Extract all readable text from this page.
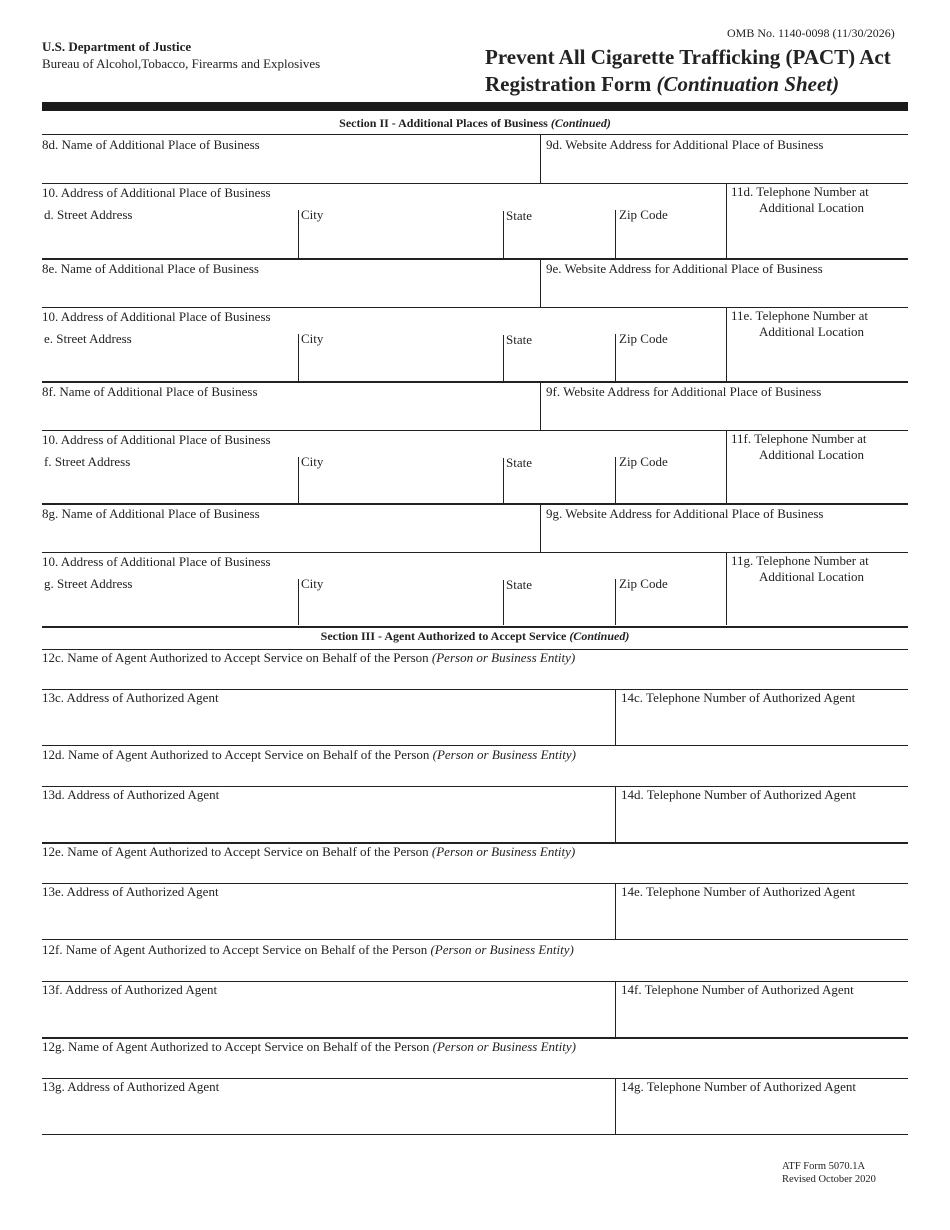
OMB No. 1140-0098 (11/30/2026)
U.S. Department of Justice
Bureau of Alcohol,Tobacco, Firearms and Explosives	Prevent All Cigarette Trafficking (PACT) Act
Registration Form (Continuation Sheet)
Section II - Additional Places of Business (Continued)
8d. Name of Additional Place of Business	9d. Website Address for Additional Place of Business
10. Address of Additional Place of Business
d. Street Address	City	State	Zip Code
11d. Telephone Number at
Additional Location
8e. Name of Additional Place of Business	9e. Website Address for Additional Place of Business
10. Address of Additional Place of Business
e. Street Address	City	State	Zip Code
11e. Telephone Number at
Additional Location
8f. Name of Additional Place of Business	9f. Website Address for Additional Place of Business
10. Address of Additional Place of Business
f. Street Address	City	State	Zip Code
11f. Telephone Number at
Additional Location
8g. Name of Additional Place of Business	9g. Website Address for Additional Place of Business
10. Address of Additional Place of Business
g. Street Address	City	State	Zip Code
11g. Telephone Number at
Additional Location
Section III - Agent Authorized to Accept Service (Continued)
12c. Name of Agent Authorized to Accept Service on Behalf of the Person (Person or Business Entity)
13c. Address of Authorized Agent	14c. Telephone Number of Authorized Agent
12d. Name of Agent Authorized to Accept Service on Behalf of the Person (Person or Business Entity)
13d. Address of Authorized Agent	14d. Telephone Number of Authorized Agent
12e. Name of Agent Authorized to Accept Service on Behalf of the Person (Person or Business Entity)
13e. Address of Authorized Agent	14e. Telephone Number of Authorized Agent
12f. Name of Agent Authorized to Accept Service on Behalf of the Person (Person or Business Entity)
13f. Address of Authorized Agent	14f. Telephone Number of Authorized Agent
12g. Name of Agent Authorized to Accept Service on Behalf of the Person (Person or Business Entity)
13g. Address of Authorized Agent	14g. Telephone Number of Authorized Agent
ATF Form 5070.1A
Revised October 2020
